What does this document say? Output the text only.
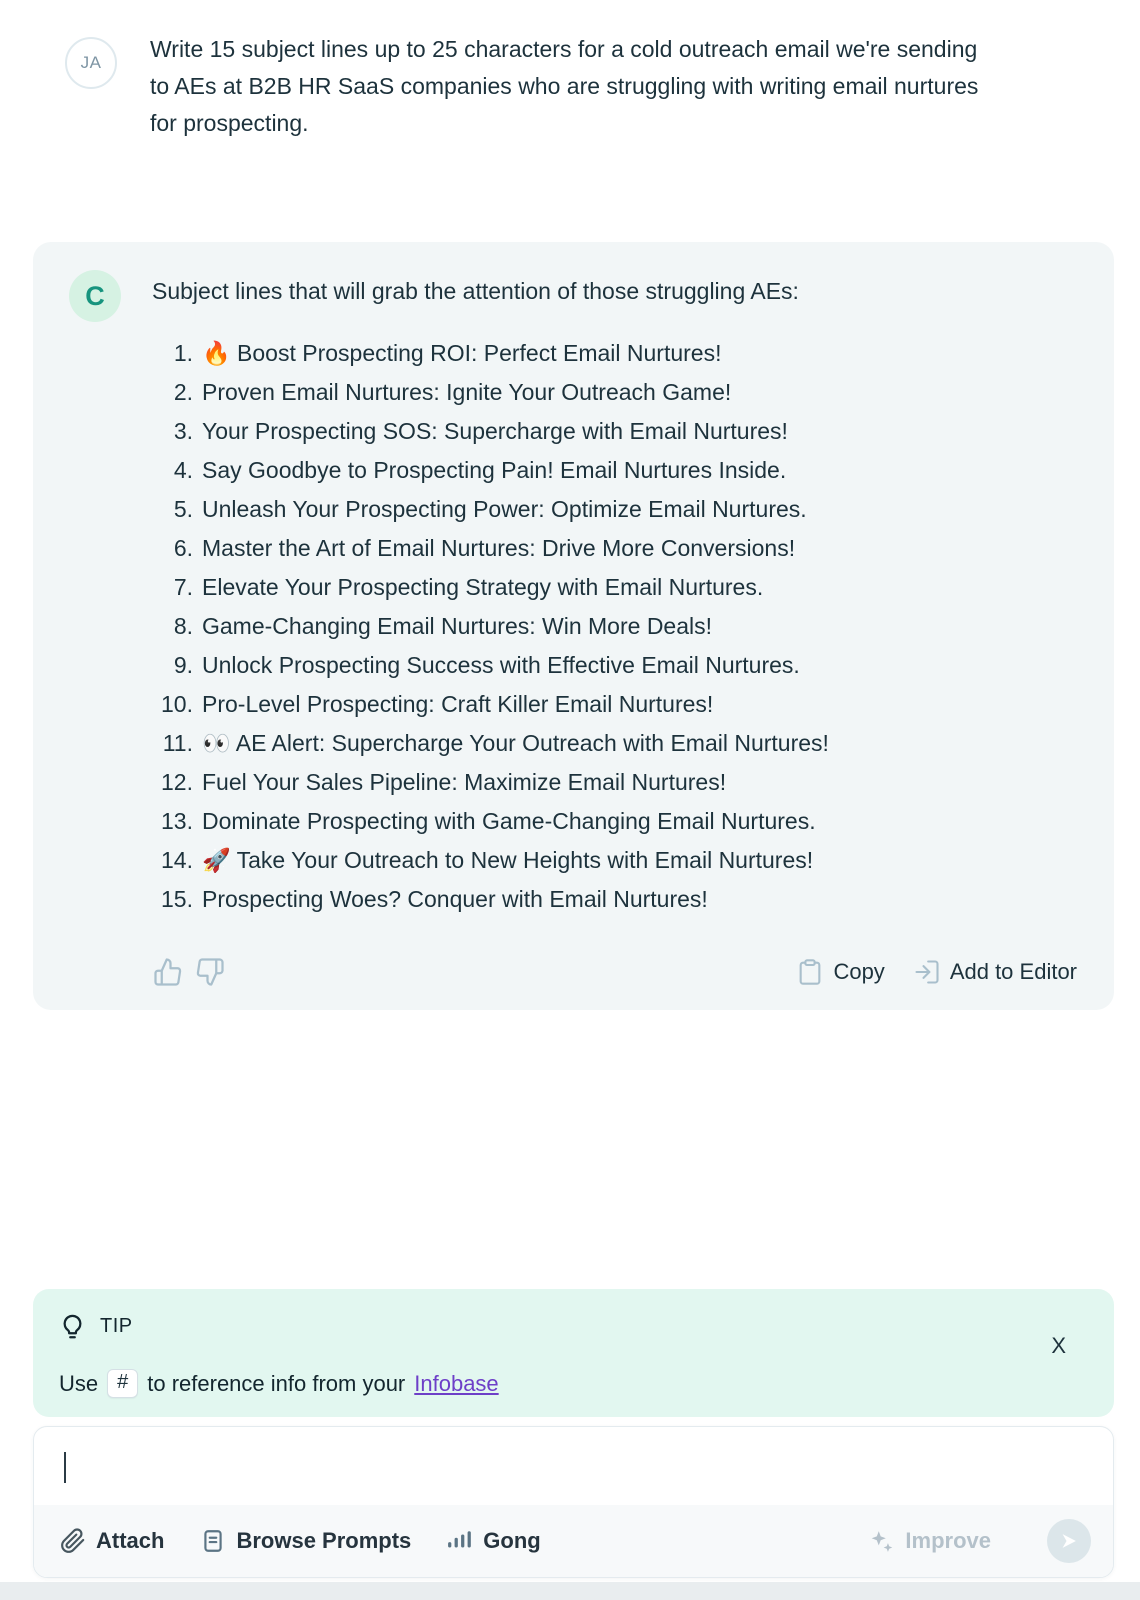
JA
Write 15 subject lines up to 25 characters for a cold outreach email we're sending to AEs at B2B HR SaaS companies who are struggling with writing email nurtures for prospecting.
C	Subject lines that will grab the attention of those struggling AEs:
1. 🔥 Boost Prospecting ROI: Perfect Email Nurtures!
2. Proven Email Nurtures: Ignite Your Outreach Game!
3. Your Prospecting SOS: Supercharge with Email Nurtures!
4. Say Goodbye to Prospecting Pain! Email Nurtures Inside.
5. Unleash Your Prospecting Power: Optimize Email Nurtures.
6. Master the Art of Email Nurtures: Drive More Conversions!
7. Elevate Your Prospecting Strategy with Email Nurtures.
8. Game-Changing Email Nurtures: Win More Deals!
9. Unlock Prospecting Success with Effective Email Nurtures.
10. Pro-Level Prospecting: Craft Killer Email Nurtures!
11. 👀 AE Alert: Supercharge Your Outreach with Email Nurtures!
12. Fuel Your Sales Pipeline: Maximize Email Nurtures!
13. Dominate Prospecting with Game-Changing Email Nurtures.
14. 🚀 Take Your Outreach to New Heights with Email Nurtures!
15. Prospecting Woes? Conquer with Email Nurtures!
Copy	Add to Editor
TIP
X
Use # to reference info from your Infobase
Attach	Browse Prompts	Gong	Improve
